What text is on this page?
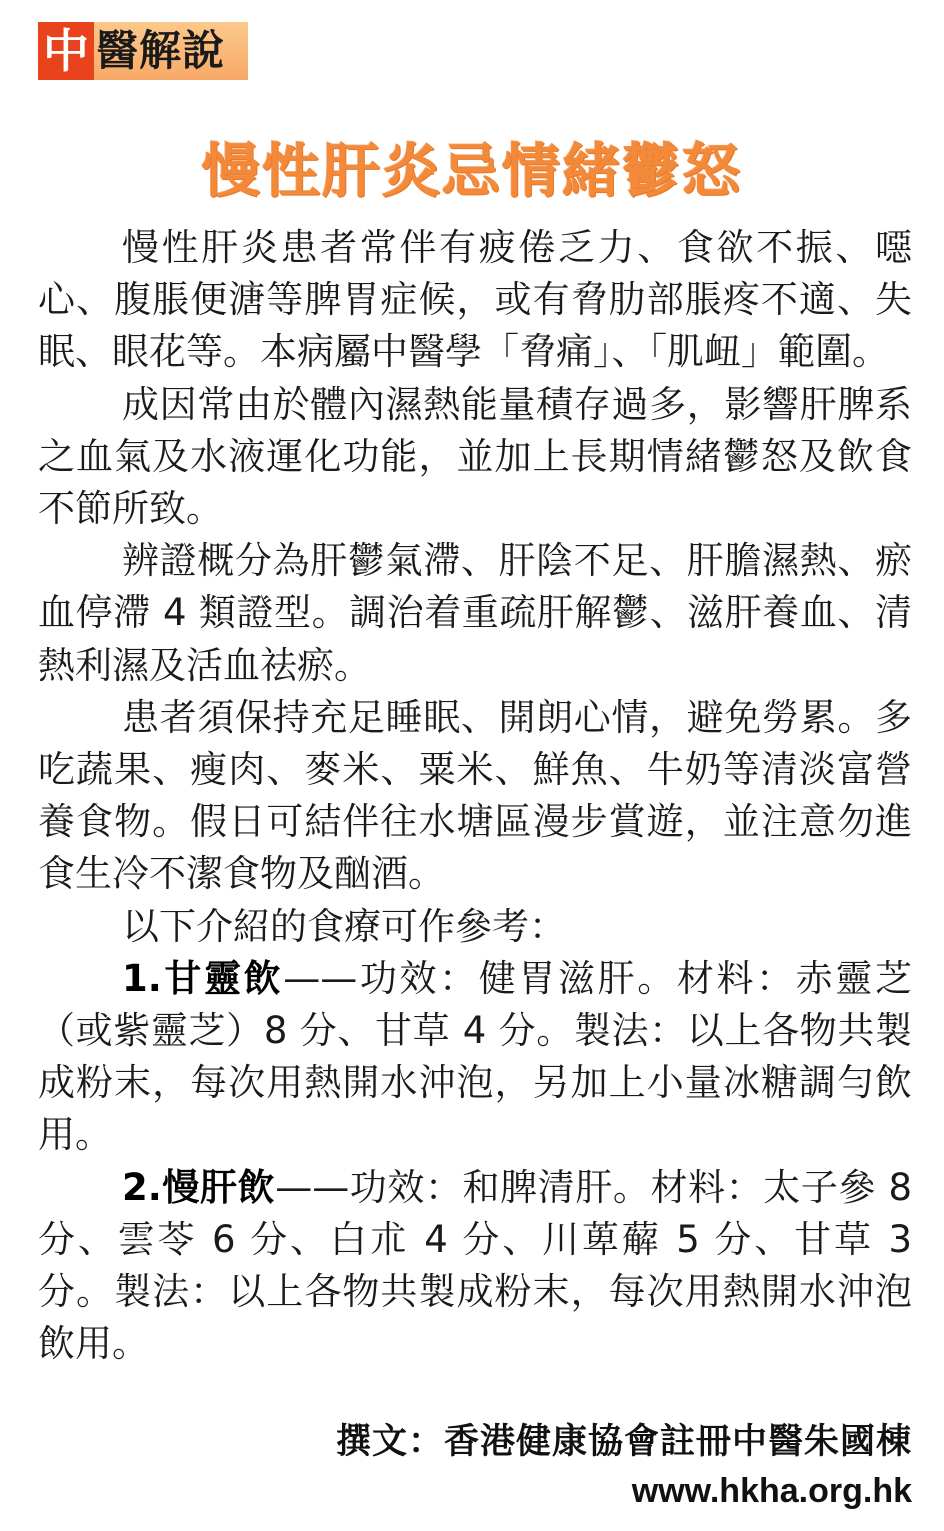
中 醫解說
慢性肝炎忌情緒鬱怒

慢性肝炎患者常伴有疲倦乏力、食欲不振、噁心、腹脹便溏等脾胃症候，或有脅肋部脹疼不適、失眠、眼花等。本病屬中醫學「脅痛」、「肌衄」範圍。

成因常由於體內濕熱能量積存過多，影響肝脾系之血氣及水液運化功能，並加上長期情緒鬱怒及飲食不節所致。

辨證概分為肝鬱氣滯、肝陰不足、肝膽濕熱、瘀血停滯 4 類證型。調治着重疏肝解鬱、滋肝養血、清熱利濕及活血祛瘀。

患者須保持充足睡眠、開朗心情，避免勞累。多吃蔬果、瘦肉、麥米、粟米、鮮魚、牛奶等清淡富營養食物。假日可結伴往水塘區漫步賞遊，並注意勿進食生冷不潔食物及酗酒。

以下介紹的食療可作參考：

1.甘靈飲——功效：健胃滋肝。材料：赤靈芝（或紫靈芝）8 分、甘草 4 分。製法：以上各物共製成粉末，每次用熱開水沖泡，另加上小量冰糖調勻飲用。

2.慢肝飲——功效：和脾清肝。材料：太子參 8 分、雲苓 6 分、白朮 4 分、川萆薢 5 分、甘草 3 分。製法：以上各物共製成粉末，每次用熱開水沖泡飲用。

撰文：香港健康協會註冊中醫朱國棟
www.hkha.org.hk
